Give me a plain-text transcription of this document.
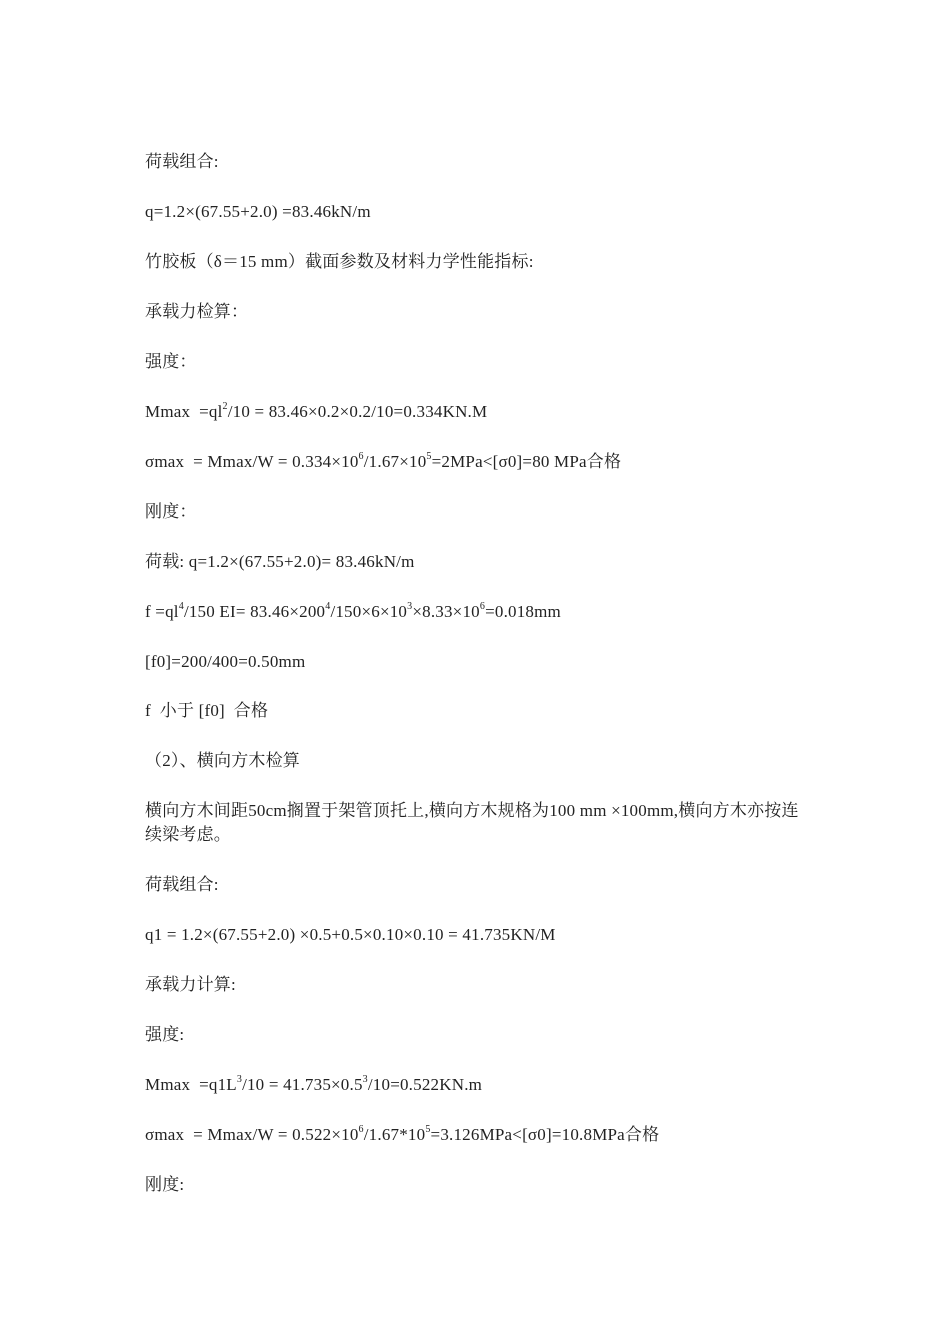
荷载组合:
q=1.2×(67.55+2.0) =83.46kN/m
竹胶板（δ＝15 mm）截面参数及材料力学性能指标:
承载力检算：
强度：
$Mmax =ql^2/10 = 83.46\times 0.2\times 0.2/10=0.334KN.M$
$\sigma\max = Mmax/W = 0.334\times 10^6/1.67\times 10^5=2MPa<[\sigma 0]=80$ MPa合格
刚度：
荷载: q=1.2×(67.55+2.0)= 83.46kN/m
$f =ql^4/150$ $EI= 83.46\times 200^4/150\times 6\times 10^3\times 8.33\times 10^6=0.018mm$
[f0]=200/400=0.50mm
f  小于 [f0]  合格
（2）、横向方木检算
横向方木间距50cm搁置于架管顶托上,横向方木规格为100 mm ×100mm,横向方木亦按连续梁考虑。
荷载组合:
q1 = 1.2×(67.55+2.0) ×0.5+0.5×0.10×0.10 = 41.735KN/M
承载力计算:
强度:
$Mmax =q1L^3/10 = 41.735\times 0.5^3/10=0.522KN.m$
$\sigma\max = Mmax/W = 0.522\times 10^6/1.67*10^5=3.126MPa<[\sigma 0]=10.8MPa$合格
刚度:
